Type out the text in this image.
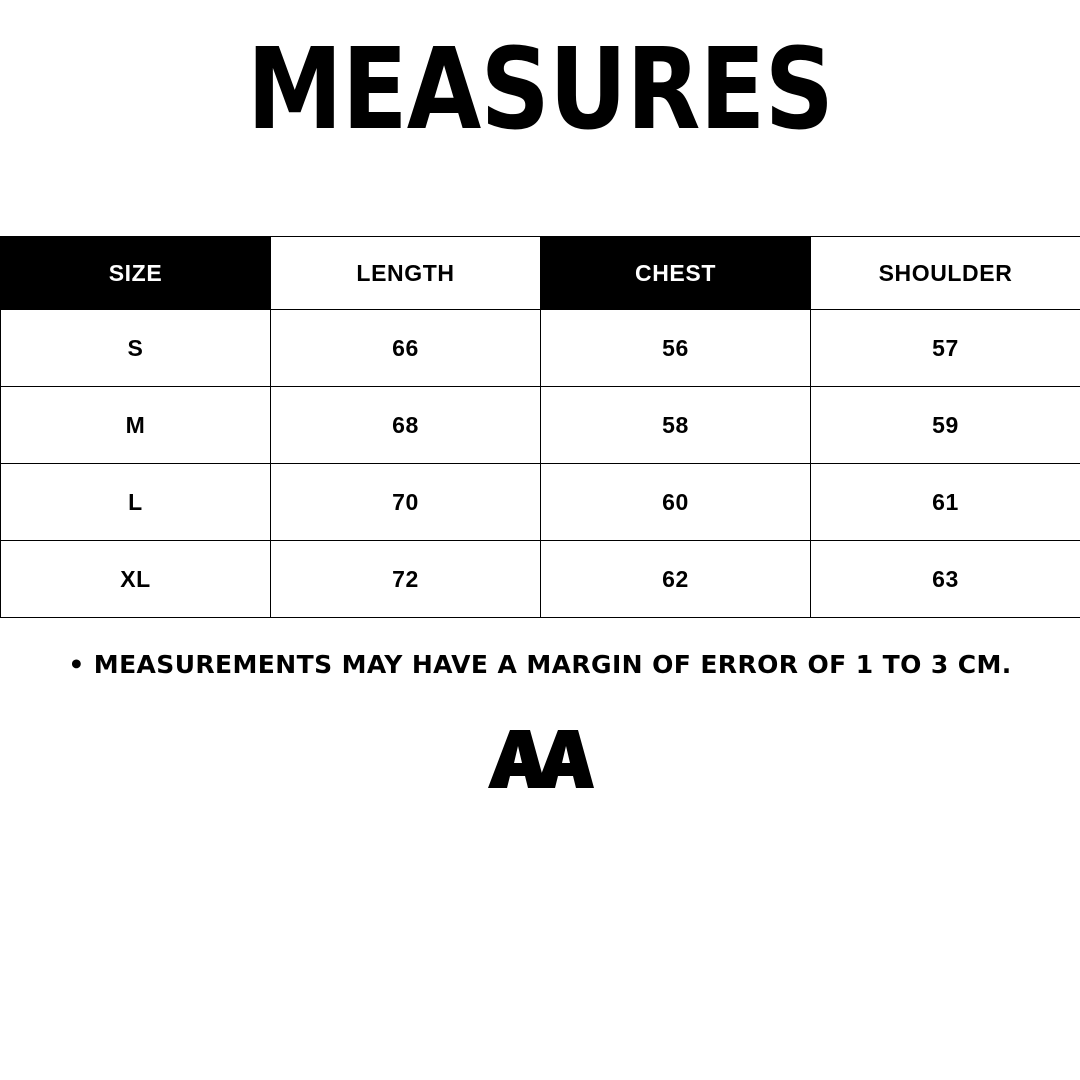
MEASURES
SIZE	LENGTH	CHEST	SHOULDER
S	66	56	57
M	68	58	59
L	70	60	61
XL	72	62	63
• MEASUREMENTS MAY HAVE A MARGIN OF ERROR OF 1 TO 3 CM.
